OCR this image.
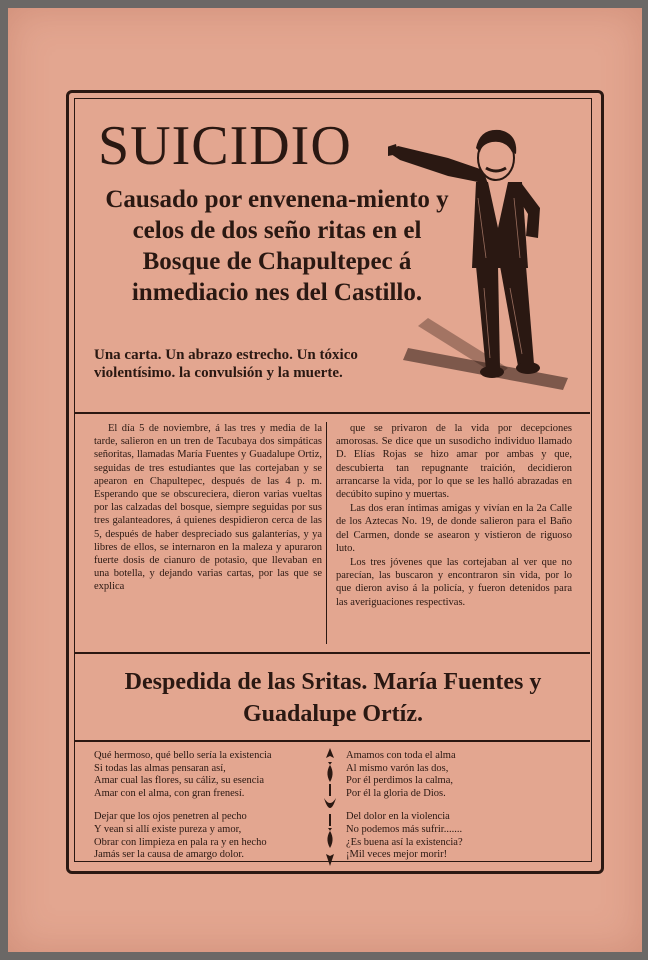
SUICIDIO
Causado por envenena-miento y celos de dos seño ritas en el Bosque de Chapultepec á inmediacio nes del Castillo.
Una carta. Un abrazo estrecho. Un tóxico violentísimo. la convulsión y la muerte.

El día 5 de noviembre, á las tres y media de la tarde, salieron en un tren de Tacubaya dos simpáticas señoritas, llamadas María Fuentes y Guadalupe Ortiz, seguidas de tres estudiantes que las cortejaban y se apearon en Chapultepec, después de las 4 p. m. Esperando que se obscureciera, dieron varias vueltas por las calzadas del bosque, siempre seguidas por sus tres galanteadores, á quienes despidieron cerca de las 5, después de haber despreciado sus galanterías, y ya libres de ellos, se internaron en la maleza y apuraron fuerte dosis de cianuro de potasio, que llevaban en una botella, y dejando varias cartas, por las que se explica

que se privaron de la vida por decepciones amorosas. Se dice que un susodicho individuo llamado D. Elías Rojas se hizo amar por ambas y que, descubierta tan repugnante traición, decidieron arrancarse la vida, por lo que se les halló abrazadas en decúbito supino y muertas.

Las dos eran íntimas amigas y vivían en la 2a Calle de los Aztecas No. 19, de donde salieron para el Baño del Carmen, donde se asearon y vistieron de riguoso luto.

Los tres jóvenes que las cortejaban al ver que no parecían, las buscaron y encontraron sin vida, por lo que dieron aviso á la policía, y fueron detenidos para las averiguaciones respectivas.

Despedida de las Sritas. María Fuentes y Guadalupe Ortíz.
Qué hermoso, qué bello sería la existencia
Si todas las almas pensaran así,
Amar cual las flores, su cáliz, su esencia
Amar con el alma, con gran frenesí.
Dejar que los ojos penetren al pecho
Y vean si allí existe pureza y amor,
Obrar con limpieza en pala ra y en hecho
Jamás ser la causa de amargo dolor.
Amamos con toda el alma
Al mismo varón las dos,
Por él perdimos la calma,
Por él la gloria de Dios.
Del dolor en la violencia
No podemos más sufrir.......
¿Es buena así la existencia?
¡Mil veces mejor morir!
